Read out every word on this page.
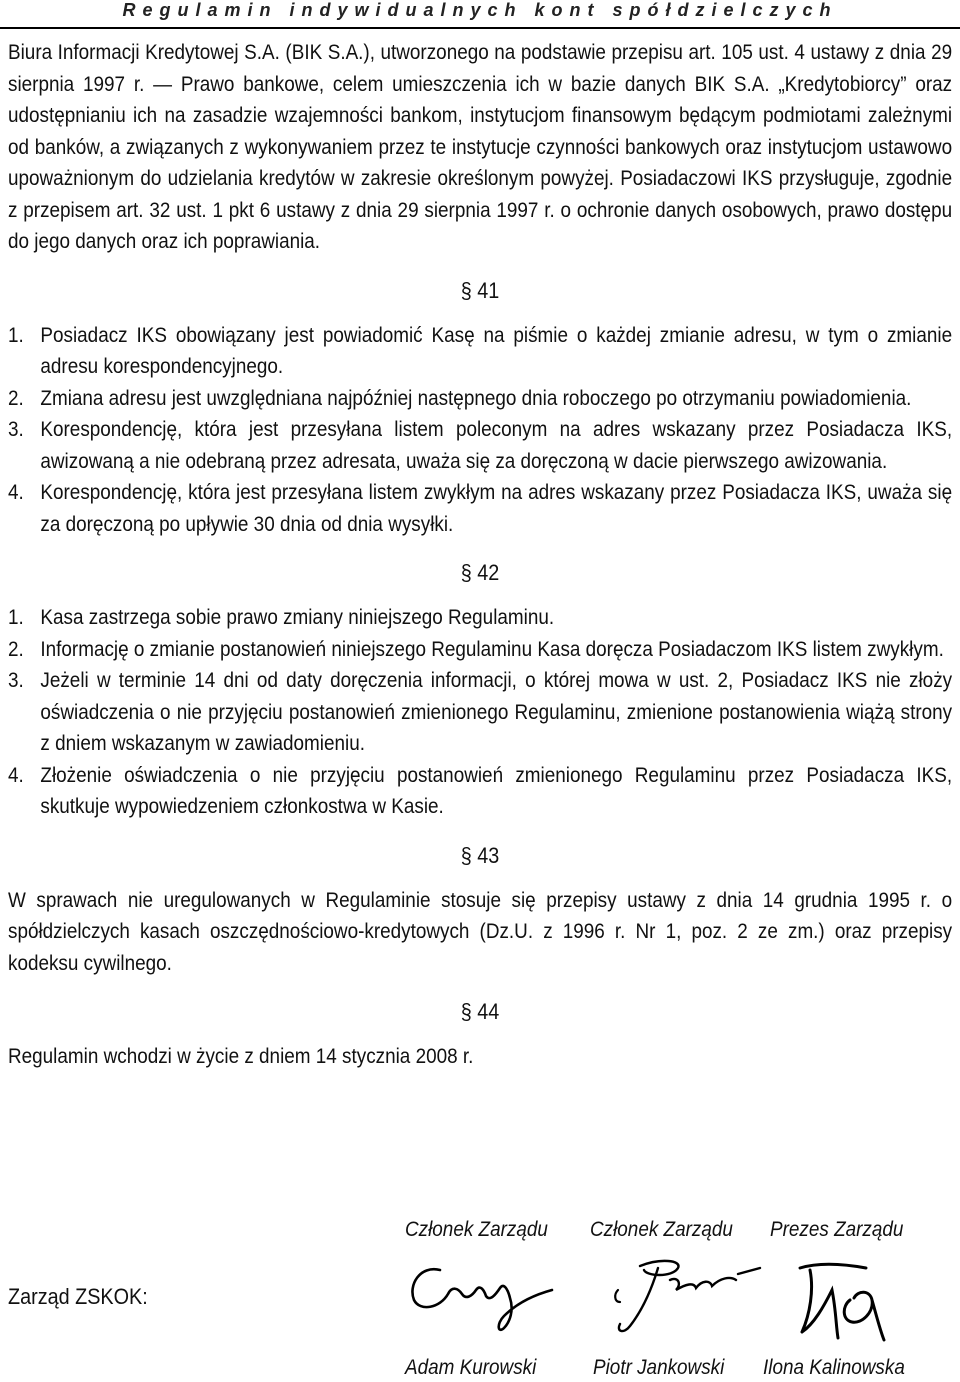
Regulamin indywidualnych kont spółdzielczych

Biura Informacji Kredytowej S.A. (BIK S.A.), utworzonego na podstawie przepisu art. 105 ust. 4 ustawy z dnia 29 sierpnia 1997 r. — Prawo bankowe, celem umieszczenia ich w bazie danych BIK S.A. „Kredytobiorcy” oraz udostępnianiu ich na zasadzie wzajemności bankom, instytucjom finansowym będącym podmiotami zależnymi od banków, a związanych z wykonywaniem przez te instytucje czynności bankowych oraz instytucjom ustawowo upoważnionym do udzielania kredytów w zakresie określonym powyżej. Posiadaczowi IKS przysługuje, zgodnie z przepisem art. 32 ust. 1 pkt 6 ustawy z dnia 29 sierpnia 1997 r. o ochronie danych osobowych, prawo dostępu do jego danych oraz ich poprawiania.

§ 41
1. Posiadacz IKS obowiązany jest powiadomić Kasę na piśmie o każdej zmianie adresu, w tym o zmianie adresu korespondencyjnego.
2. Zmiana adresu jest uwzględniana najpóźniej następnego dnia roboczego po otrzymaniu powiadomienia.
3. Korespondencję, która jest przesyłana listem poleconym na adres wskazany przez Posiadacza IKS, awizowaną a nie odebraną przez adresata, uważa się za doręczoną w dacie pierwszego awizowania.
4. Korespondencję, która jest przesyłana listem zwykłym na adres wskazany przez Posiadacza IKS, uważa się za doręczoną po upływie 30 dnia od dnia wysyłki.
§ 42
1. Kasa zastrzega sobie prawo zmiany niniejszego Regulaminu.
2. Informację o zmianie postanowień niniejszego Regulaminu Kasa doręcza Posiadaczom IKS listem zwykłym.
3. Jeżeli w terminie 14 dni od daty doręczenia informacji, o której mowa w ust. 2, Posiadacz IKS nie złoży oświadczenia o nie przyjęciu postanowień zmienionego Regulaminu, zmienione postanowienia wiążą strony z dniem wskazanym w zawiadomieniu.
4. Złożenie oświadczenia o nie przyjęciu postanowień zmienionego Regulaminu przez Posiadacza IKS, skutkuje wypowiedzeniem członkostwa w Kasie.
§ 43

W sprawach nie uregulowanych w Regulaminie stosuje się przepisy ustawy z dnia 14 grudnia 1995 r. o spółdzielczych kasach oszczędnościowo-kredytowych (Dz.U. z 1996 r. Nr 1, poz. 2 ze zm.) oraz przepisy kodeksu cywilnego.

§ 44

Regulamin wchodzi w życie z dniem 14 stycznia 2008 r.

Członek Zarządu Członek Zarządu Prezes Zarządu
Zarząd ZSKOK:
Adam Kurowski	Piotr Jankowski Ilona Kalinowska
